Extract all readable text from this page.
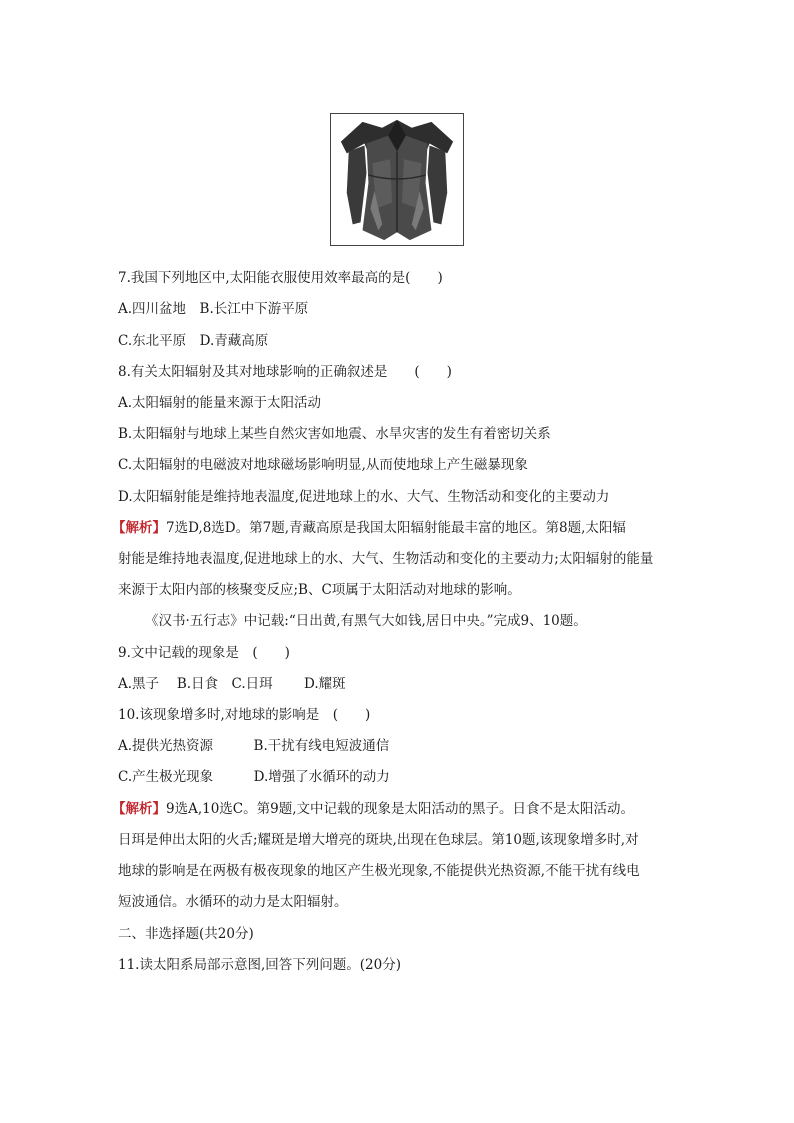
7.我国下列地区中,太阳能衣服使用效率最高的是(　　)
A.四川盆地　B.长江中下游平原
C.东北平原　D.青藏高原
8.有关太阳辐射及其对地球影响的正确叙述是　　(　　)
A.太阳辐射的能量来源于太阳活动
B.太阳辐射与地球上某些自然灾害如地震、水旱灾害的发生有着密切关系
C.太阳辐射的电磁波对地球磁场影响明显,从而使地球上产生磁暴现象
D.太阳辐射能是维持地表温度,促进地球上的水、大气、生物活动和变化的主要动力
【解析】7选D,8选D。第7题,青藏高原是我国太阳辐射能最丰富的地区。第8题,太阳辐
射能是维持地表温度,促进地球上的水、大气、生物活动和变化的主要动力;太阳辐射的能量
来源于太阳内部的核聚变反应;B、C项属于太阳活动对地球的影响。
《汉书·五行志》中记载:“日出黄,有黑气大如钱,居日中央。”完成9、10题。
9.文中记载的现象是　(　　)
A.黑子　 B.日食　C.日珥　　 D.耀斑
10.该现象增多时,对地球的影响是　(　　)
A.提供光热资源　　　B.干扰有线电短波通信
C.产生极光现象　　　D.增强了水循环的动力
【解析】9选A,10选C。第9题,文中记载的现象是太阳活动的黑子。日食不是太阳活动。
日珥是伸出太阳的火舌;耀斑是增大增亮的斑块,出现在色球层。第10题,该现象增多时,对
地球的影响是在两极有极夜现象的地区产生极光现象,不能提供光热资源,不能干扰有线电
短波通信。水循环的动力是太阳辐射。
二、非选择题(共20分)
11.读太阳系局部示意图,回答下列问题。(20分)
